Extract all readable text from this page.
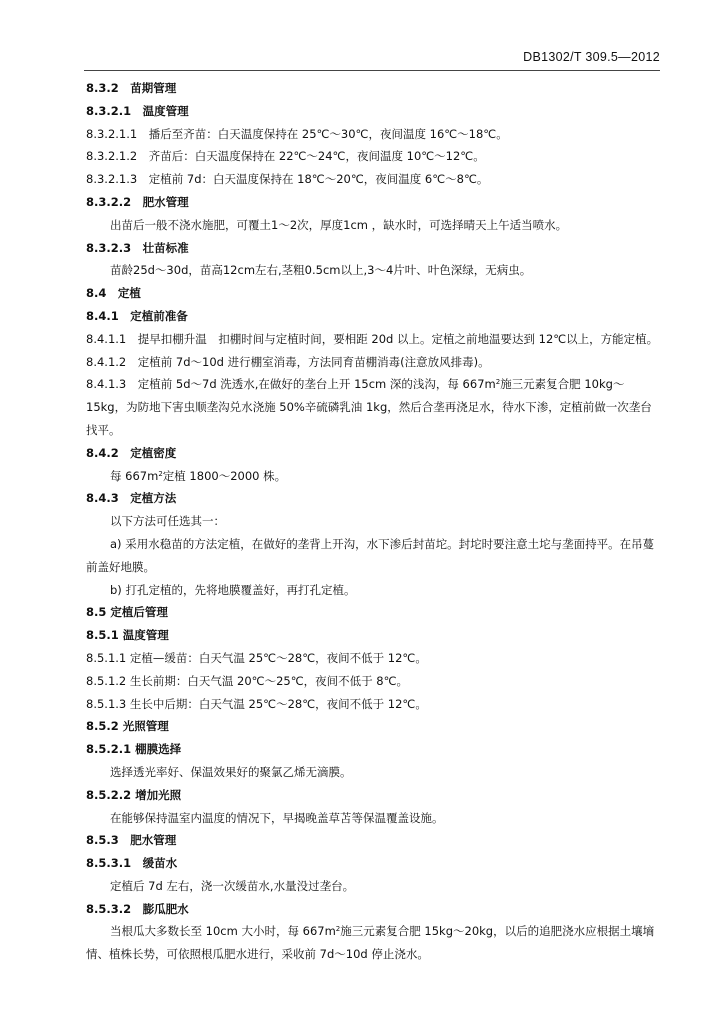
DB1302/T 309.5—2012

8.3.2　 苗期管理

8.3.2.1　 温度管理

8.3.2.1.1　 播后至齐苗：白天温度保持在 25℃～30℃，夜间温度 16℃～18℃。

8.3.2.1.2　 齐苗后：白天温度保持在 22℃～24℃，夜间温度 10℃～12℃。

8.3.2.1.3　 定植前 7d：白天温度保持在 18℃～20℃，夜间温度 6℃～8℃。

8.3.2.2　 肥水管理

出苗后一般不浇水施肥，可覆土1～2次，厚度1cm ，缺水时，可选择晴天上午适当喷水。

8.3.2.3　 壮苗标准

苗龄25d～30d，苗高12cm左右,茎粗0.5cm以上,3～4片叶、叶色深绿，无病虫。

8.4　 定植

8.4.1　 定植前准备

8.4.1.1　 提早扣棚升温　扣棚时间与定植时间，要相距 20d 以上。定植之前地温要达到 12℃以上，方能定植。

8.4.1.2　 定植前 7d～10d 进行棚室消毒，方法同育苗棚消毒(注意放风排毒)。

8.4.1.3　 定植前 5d～7d 洗透水,在做好的垄台上开 15cm 深的浅沟，每 $667m^2$施三元素复合肥 10kg～15kg，为防地下害虫顺垄沟兑水浇施 50%辛硫磷乳油 1kg，然后合垄再浇足水，待水下渗，定植前做一次垄台找平。

8.4.2　 定植密度

每 $667m^2$定植 1800～2000 株。

8.4.3　 定植方法

以下方法可任选其一：

a) 采用水稳苗的方法定植，在做好的垄背上开沟，水下渗后封苗坨。封坨时要注意土坨与垄面持平。在吊蔓前盖好地膜。

b) 打孔定植的，先将地膜覆盖好，再打孔定植。

8.5 定植后管理

8.5.1 温度管理

8.5.1.1 定植—缓苗：白天气温 25℃～28℃，夜间不低于 12℃。

8.5.1.2 生长前期：白天气温 20℃～25℃，夜间不低于 8℃。

8.5.1.3 生长中后期：白天气温 25℃～28℃，夜间不低于 12℃。

8.5.2 光照管理

8.5.2.1 棚膜选择

选择透光率好、保温效果好的聚氯乙烯无滴膜。

8.5.2.2 增加光照

在能够保持温室内温度的情况下，早揭晚盖草苫等保温覆盖设施。

8.5.3　 肥水管理

8.5.3.1　 缓苗水

定植后 7d 左右，浇一次缓苗水,水量没过垄台。

8.5.3.2　 膨瓜肥水

当根瓜大多数长至 10cm 大小时，每 $667m^2$施三元素复合肥 15kg～20kg，以后的追肥浇水应根据土壤墒情、植株长势，可依照根瓜肥水进行，采收前 7d～10d 停止浇水。
